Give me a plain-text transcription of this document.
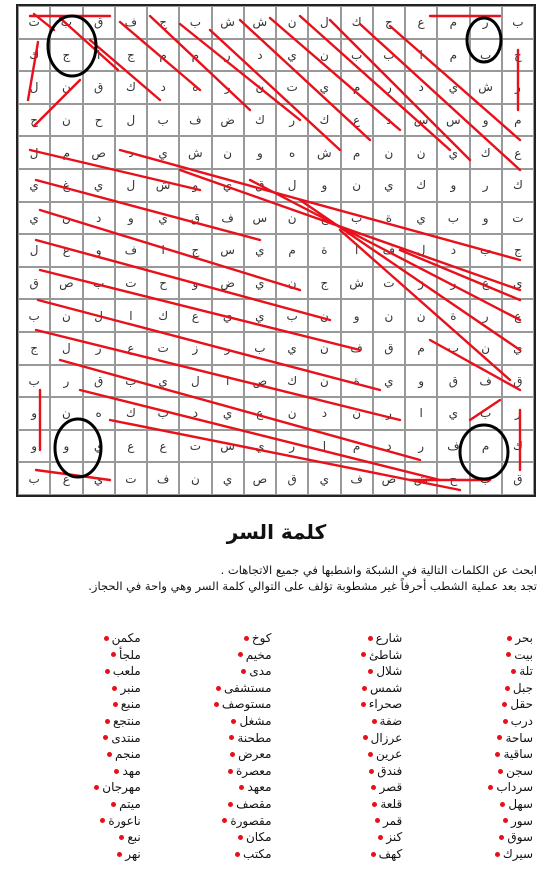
ت	ب	ق	ف	ج	ب	ش	ش	ن	ل	ك	ح	ع	م	ر	ب
ك	ج	ا	ج	م	م	ر	د	ي	ن	ب	ب	ا	م	ب	ح
ل	ن	ق	ك	د	ه	ر	ن	ت	ي	م	ر	د	ي	ش	ر
ح	ن	ح	ل	ب	ف	ض	ك	ر	ك	ع	د	س	س	و	م
ل	م	ص	د	ي	ش	ن	و	ه	ش	م	ن	ن	ي	ك	ع
ي	غ	ي	ل	ش	و	ي	ق	ل	و	ن	ي	ك	و	ر	ك
ي	ن	د	و	ي	ق	ف	س	ن	ح	ب	ة	ي	ب	و	ت
ل	ع	و	ف	ا	ج	س	ي	م	ة	ا	ف	ل	د	ب	ج
ق	ص	ب	ت	ح	و	ض	ي	ن	ج	ش	ت	ز	ر	ع	ي
ب	ن	ل	ا	ك	ع	ي	ي	ب	ن	و	ن	ن	ة	ر	ع
ج	ل	ر	ع	ت	ز	ر	ب	ي	ن	ف	ق	م	ب	ن	ي
ب	ر	ق	ب	ي	ل	ا	ص	ك	ن	ة	ي	و	ق	ف	ق
و	ن	ه	ك	ب	د	ي	ع	ن	د	ن	ر	ا	ي	ب	ر
و	و	ي	ع	ع	ت	س	ي	ر	ا	م	د	ر	ف	م	ك
ب	ع	ي	ت	ف	ن	ي	ص	ق	ي	ف	ص	ش	ح	ب	ق
كلمة السر
ابحث عن الكلمات التالية في الشبكة واشطبها في جميع الاتجاهات .
تجد بعد عملية الشطب أحرفاً غير مشطوبة تؤلف على التوالي كلمة السر وهي واحة في الحجاز.
بحر
بيت
تلة
جبل
حقل
درب
ساحة
ساقية
سجن
سرداب
سهل
سور
سوق
سيرك
شارع
شاطئ
شلال
شمس
صحراء
ضفة
عرزال
عرين
فندق
قصر
قلعة
قمر
كنز
كهف
كوخ
مخيم
مدى
مستشفى
مستوصف
مشغل
مطحنة
معرض
معصرة
معهد
مقصف
مقصورة
مكان
مكتب
مكمن
ملجأ
ملعب
منبر
منبع
منتجع
منتدى
منجم
مهد
مهرجان
ميتم
ناعورة
نبع
نهر
